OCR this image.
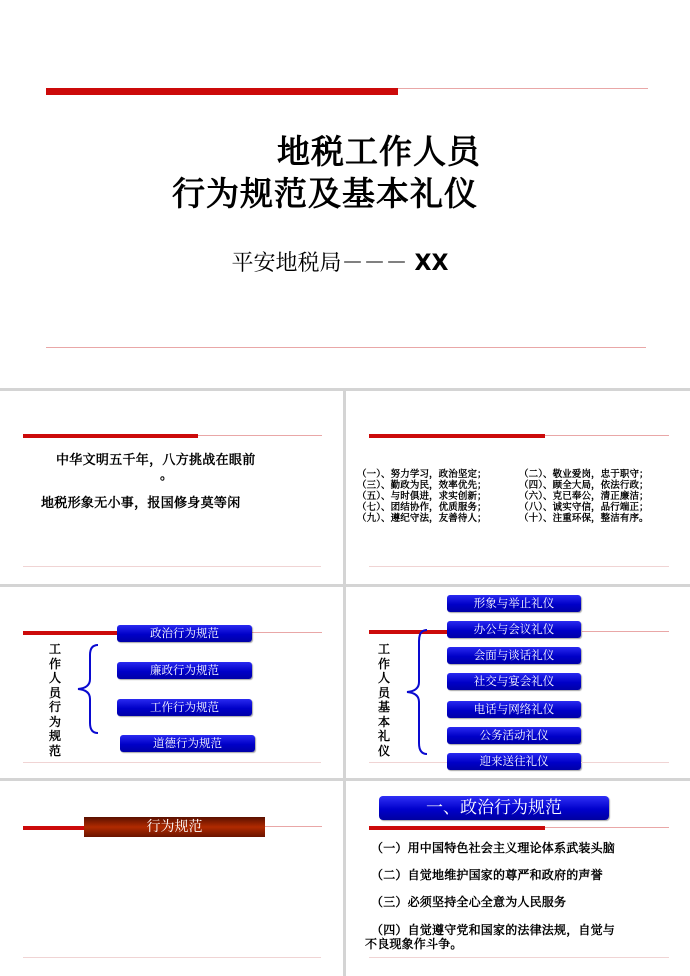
地税工作人员
行为规范及基本礼仪
平安地税局－－－ XX
中华文明五千年，八方挑战在眼前
。
地税形象无小事，报国修身莫等闲
（一）、努力学习，政治坚定；	（二）、敬业爱岗，忠于职守；
（三）、勤政为民，效率优先；	（四）、顾全大局，依法行政；
（五）、与时俱进，求实创新；	（六）、克已奉公，清正廉洁；
（七）、团结协作，优质服务；	（八）、诚实守信，品行端正；
（九）、遵纪守法，友善待人；	（十）、注重环保，整洁有序。
工作人员行为规范
政治行为规范
廉政行为规范
工作行为规范
道德行为规范
工作人员基本礼仪
形象与举止礼仪
办公与会议礼仪
会面与谈话礼仪
社交与宴会礼仪
电话与网络礼仪
公务活动礼仪
迎来送往礼仪
行为规范
一、政治行为规范
（一）用中国特色社会主义理论体系武装头脑
（二）自觉地维护国家的尊严和政府的声誉
（三）必须坚持全心全意为人民服务
（四）自觉遵守党和国家的法律法规，自觉与
不良现象作斗争。
